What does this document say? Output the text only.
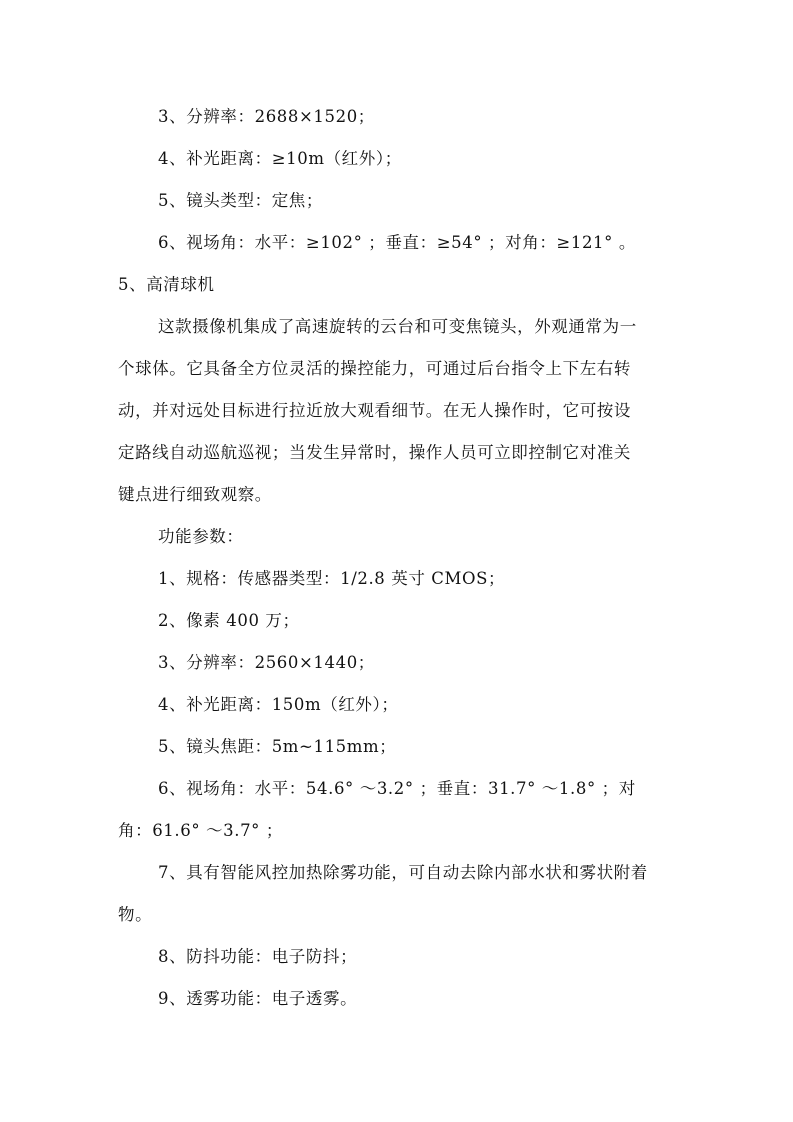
3、分辨率：2688×1520；
4、补光距离：≥10m（红外）；
5、镜头类型：定焦；
6、视场角：水平：≥102° ；垂直：≥54° ；对角：≥121° 。
5、高清球机
这款摄像机集成了高速旋转的云台和可变焦镜头，外观通常为一
个球体。它具备全方位灵活的操控能力，可通过后台指令上下左右转
动，并对远处目标进行拉近放大观看细节。在无人操作时，它可按设
定路线自动巡航巡视；当发生异常时，操作人员可立即控制它对准关
键点进行细致观察。
功能参数：
1、规格：传感器类型：1/2.8 英寸 CMOS；
2、像素 400 万；
3、分辨率：2560×1440；
4、补光距离：150m（红外）；
5、镜头焦距：5m~115mm；
6、视场角：水平：54.6° ～3.2° ；垂直：31.7° ～1.8° ；对
角：61.6° ～3.7° ；
7、具有智能风控加热除雾功能，可自动去除内部水状和雾状附着
物。
8、防抖功能：电子防抖；
9、透雾功能：电子透雾。
